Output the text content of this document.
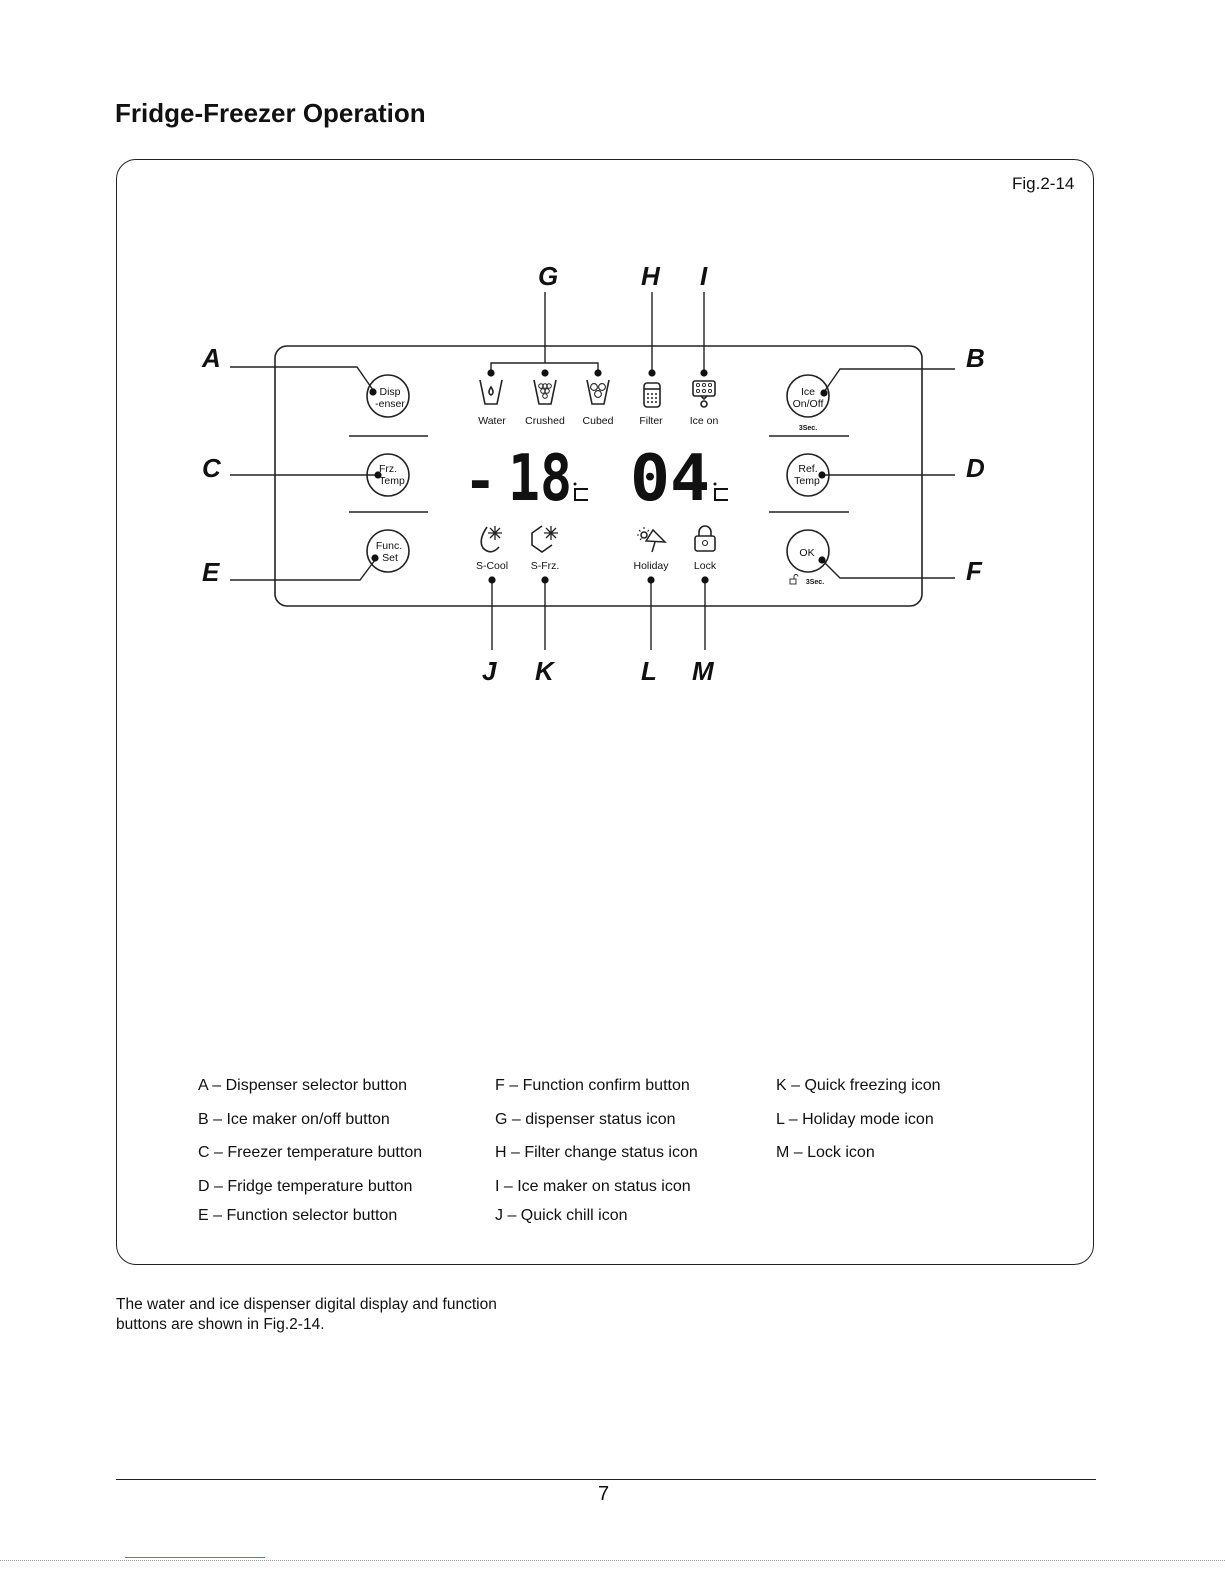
Fridge-Freezer Operation
Fig.2-14
A	B
C	D
E	F
G	H I
J K	L M
Disp
-enser
Frz.
Temp
Func.
Set
Ice
On/Off
Ref.
Temp
OK
3Sec.
3Sec.
Water Crushed Cubed Filter	Ice on
- 18 04
S-Cool S-Frz.	Holiday Lock
A – Dispenser selector button
B – Ice maker on/off button
C – Freezer temperature button
D – Fridge temperature button
E – Function selector button
F – Function confirm button
G – dispenser status icon
H – Filter change status icon
I – Ice maker on status icon
J – Quick chill icon
K – Quick freezing icon
L – Holiday mode icon
M – Lock icon
The water and ice dispenser digital display and function buttons are shown in Fig.2-14.
7
